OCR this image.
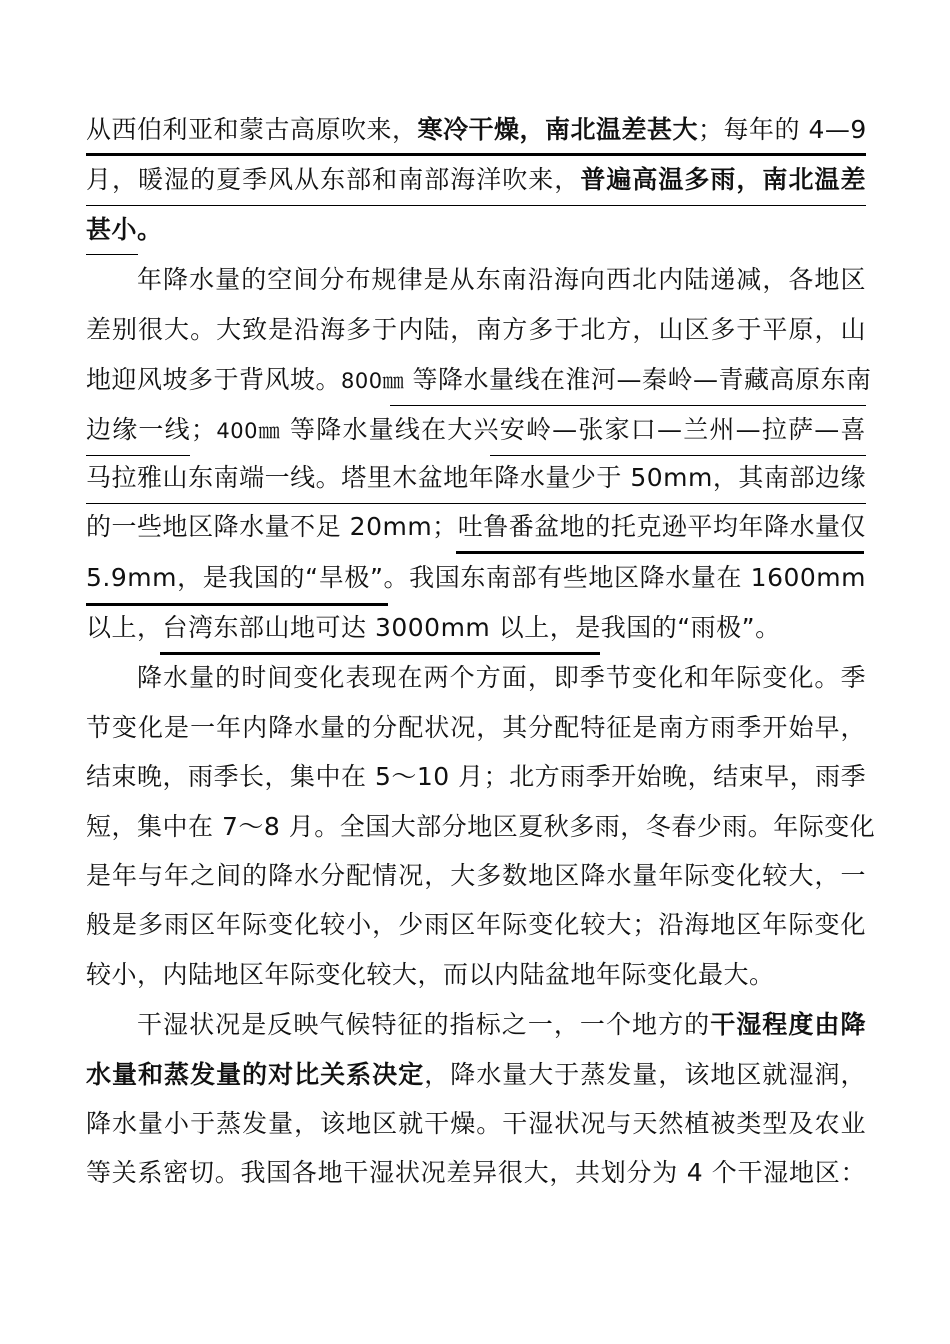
从西伯利亚和蒙古高原吹来，寒冷干燥，南北温差甚大；每年的 4—9
月，暖湿的夏季风从东部和南部海洋吹来，普遍高温多雨，南北温差
甚小。
年降水量的空间分布规律是从东南沿海向西北内陆递减，各地区
差别很大。大致是沿海多于内陆，南方多于北方，山区多于平原，山
地迎风坡多于背风坡。800㎜ 等降水量线在淮河—秦岭—青藏高原东南
边缘一线；400㎜ 等降水量线在大兴安岭—张家口—兰州—拉萨—喜
马拉雅山东南端一线。塔里木盆地年降水量少于 50mm，其南部边缘
的一些地区降水量不足 20mm；吐鲁番盆地的托克逊平均年降水量仅
5.9mm，是我国的“旱极”。我国东南部有些地区降水量在 1600mm
以上，台湾东部山地可达 3000mm 以上，是我国的“雨极”。
降水量的时间变化表现在两个方面，即季节变化和年际变化。季
节变化是一年内降水量的分配状况，其分配特征是南方雨季开始早，
结束晚，雨季长，集中在 5～10 月；北方雨季开始晚，结束早，雨季
短，集中在 7～8 月。全国大部分地区夏秋多雨，冬春少雨。年际变化
是年与年之间的降水分配情况，大多数地区降水量年际变化较大，一
般是多雨区年际变化较小，少雨区年际变化较大；沿海地区年际变化
较小，内陆地区年际变化较大，而以内陆盆地年际变化最大。
干湿状况是反映气候特征的指标之一，一个地方的干湿程度由降
水量和蒸发量的对比关系决定，降水量大于蒸发量，该地区就湿润，
降水量小于蒸发量，该地区就干燥。干湿状况与天然植被类型及农业
等关系密切。我国各地干湿状况差异很大，共划分为 4 个干湿地区：
